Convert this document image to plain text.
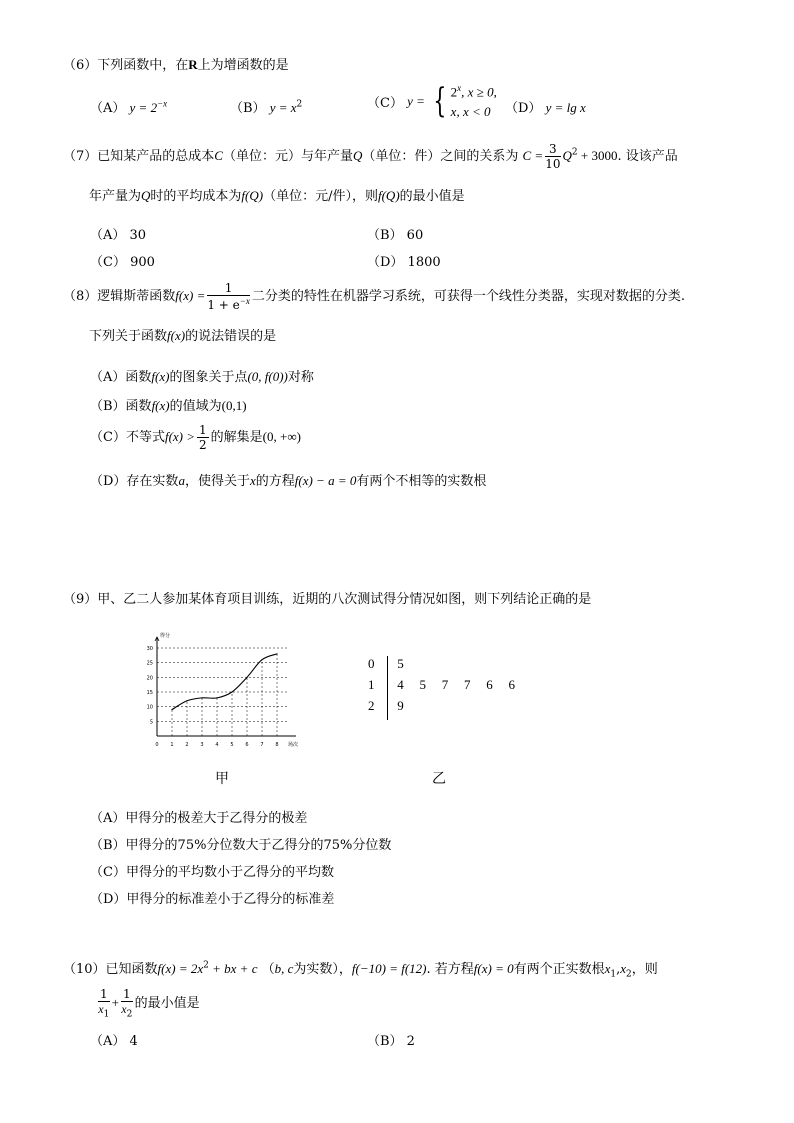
（6）下列函数中，在R上为增函数的是
（A） $y = 2^{-x}$	（B） $y = x^2$	（C） y = { 2$^x$, x ≥ 0,
x, x < 0	（D） y = lg x
（7）已知某产品的总成本C（单位：元）与年产量Q（单位：件）之间的关系为 $C = \frac{3}{10} Q^2 + 3000$. 设该产品
年产量为Q时的平均成本为f(Q)（单位：元/件），则f(Q)的最小值是
（A） 30	（B） 60
（C） 900	（D） 1800
（8）逻辑斯蒂函数$f(x) = \frac{1}{1 + e^{-x}}$ 二分类的特性在机器学习系统，可获得一个线性分类器，实现对数据的分类.
下列关于函数f(x)的说法错误的是
（A）函数f(x)的图象关于点(0, f(0))对称
（B）函数f(x)的值域为(0,1)
（C）不等式$f(x) > \frac{1}{2}$ 的解集是(0, +∞)
（D）存在实数a，使得关于x的方程f(x) − a = 0有两个不相等的实数根
（9）甲、乙二人参加某体育项目训练，近期的八次测试得分情况如图，则下列结论正确的是
5
10
15
20
25
30
0 1 2 3 4 5 6 7 8
得分
场次
甲
0 5
1 4 5 7 7 6 6
2 9
乙
（A）甲得分的极差大于乙得分的极差
（B）甲得分的75%分位数大于乙得分的75%分位数
（C）甲得分的平均数小于乙得分的平均数
（D）甲得分的标准差小于乙得分的标准差
（10）已知函数$f(x) = 2x^2$ + bx + c （b, c为实数），f(−10) = f(12). 若方程f(x) = 0有两个正实数根$x_1,x_2$，则
$\frac{1}{x_1} + \frac{1}{x_2}$ 的最小值是
（A） 4	（B） 2
